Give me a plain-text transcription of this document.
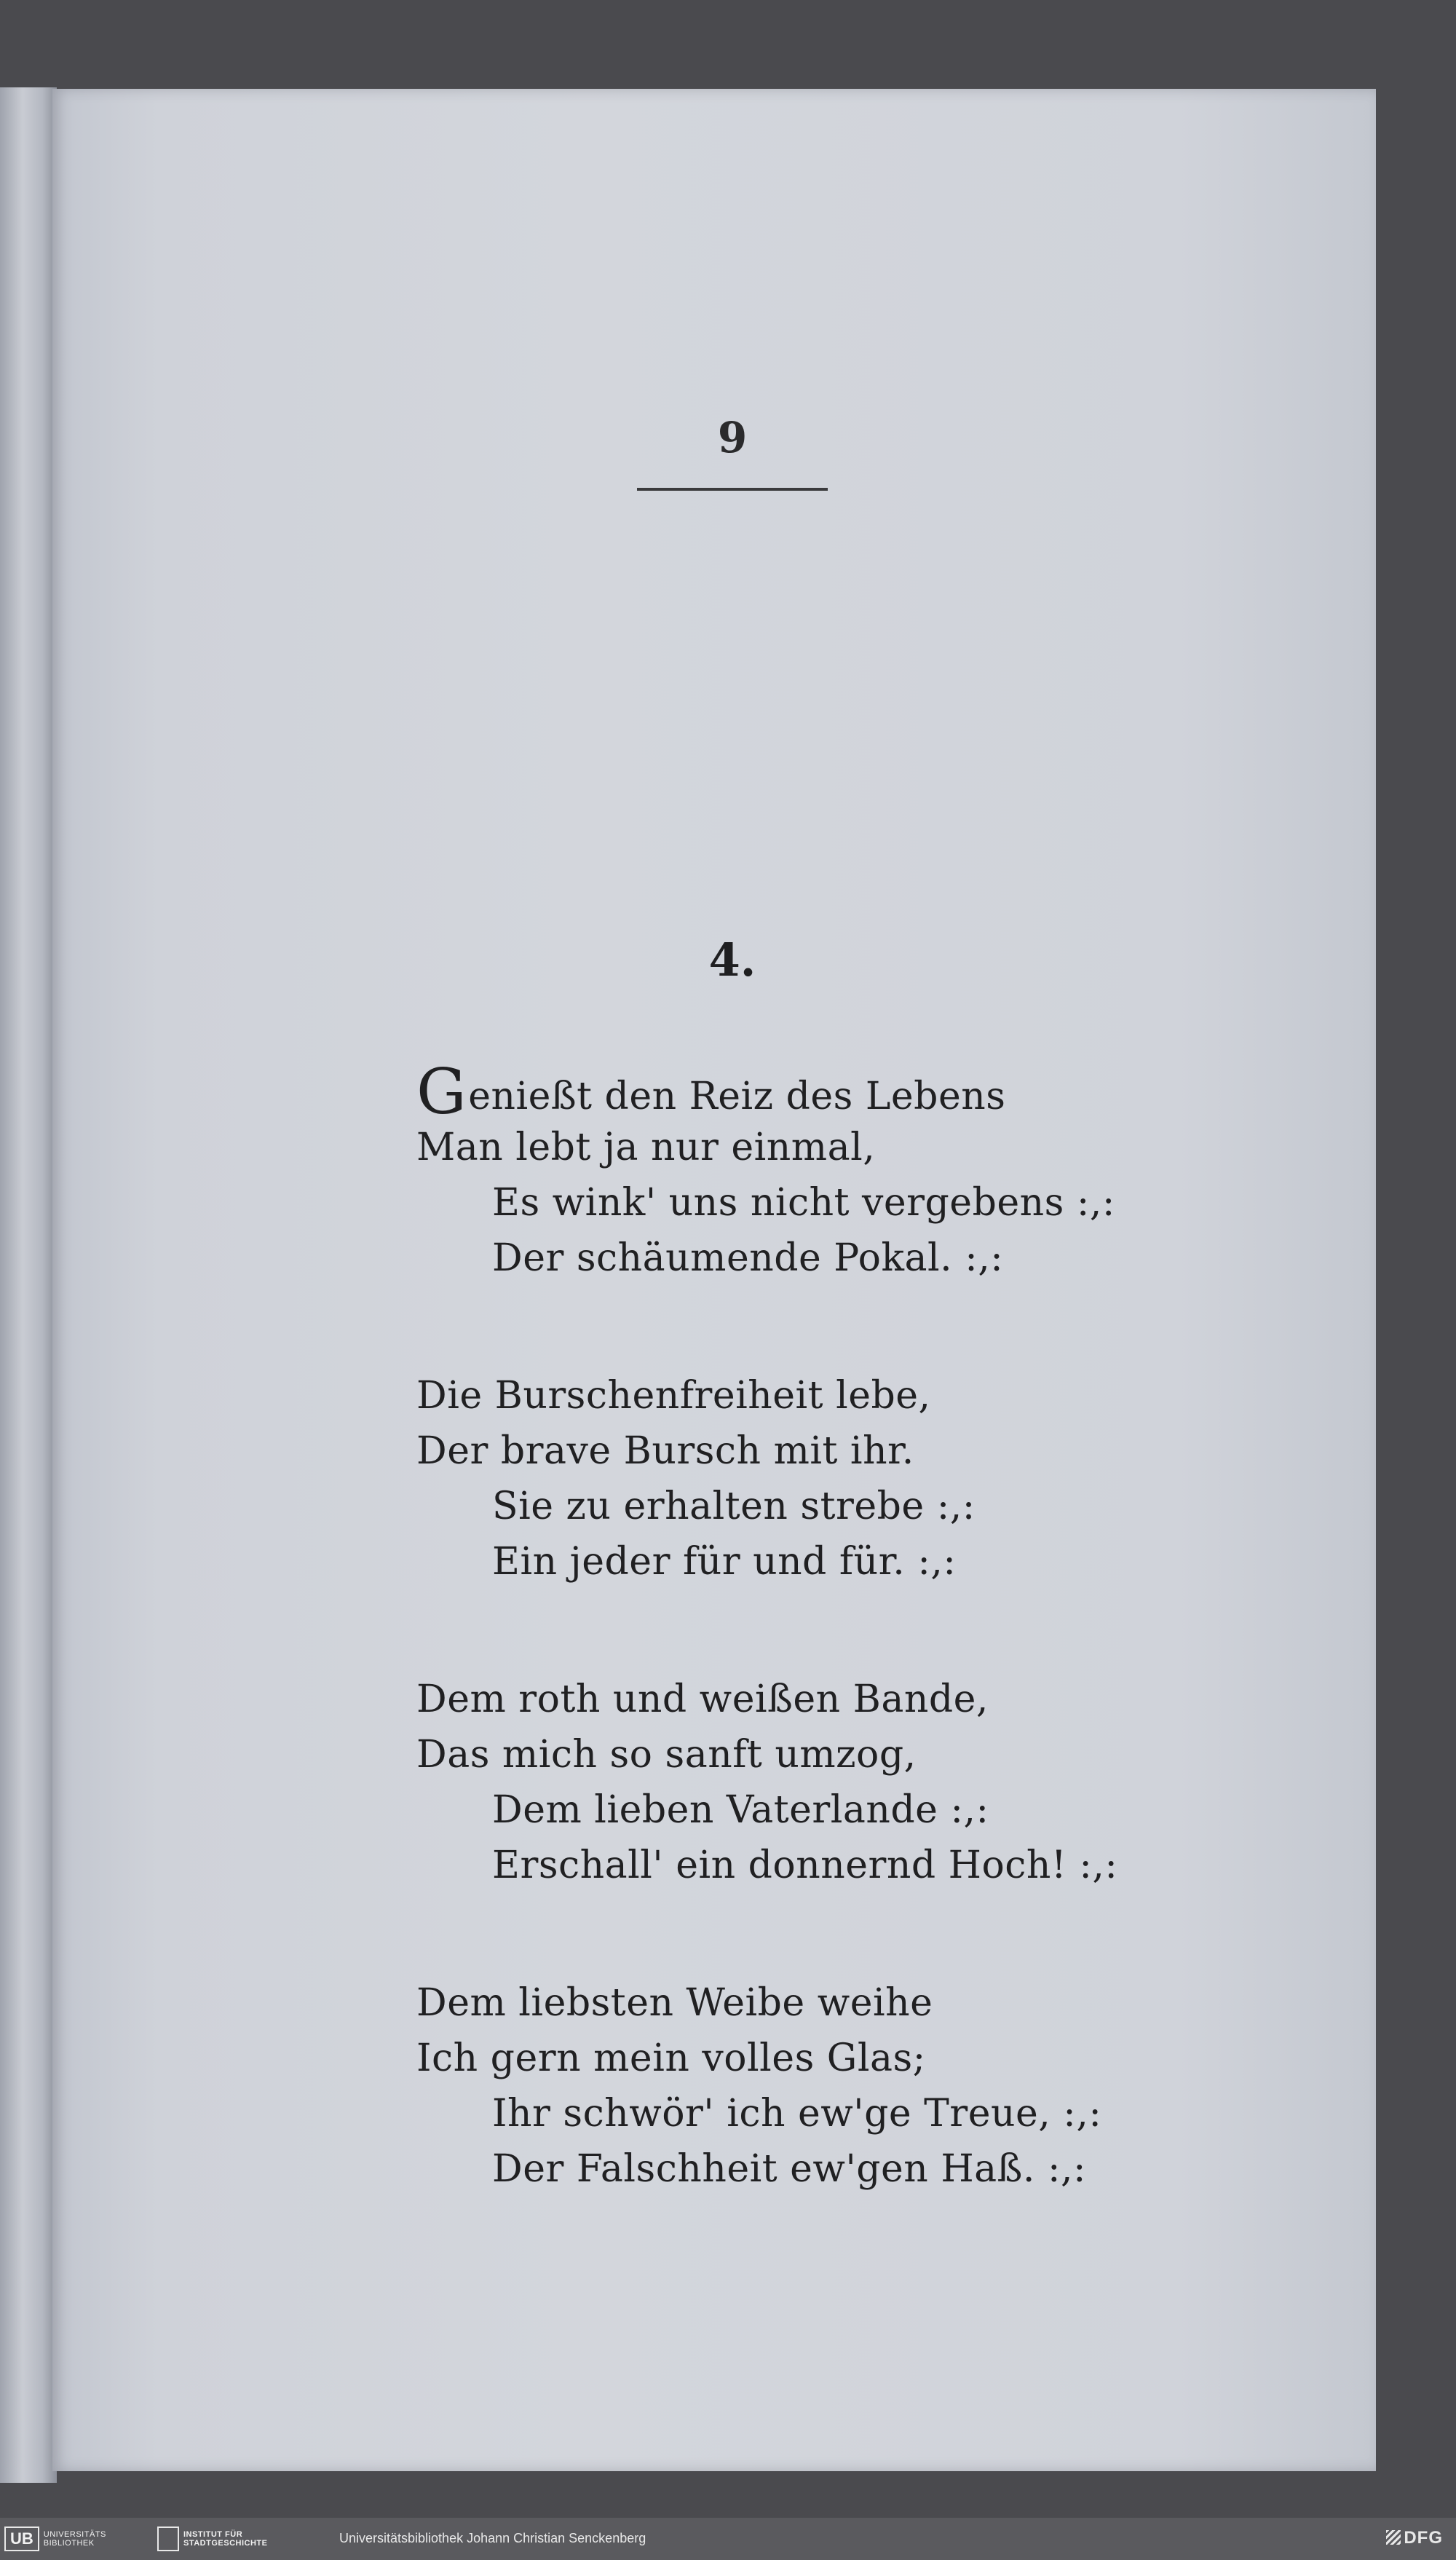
9
4.
Genießt den Reiz des Lebens
Man lebt ja nur einmal,
Es wink' uns nicht vergebens :,:
Der schäumende Pokal. :,:
Die Burschenfreiheit lebe,
Der brave Bursch mit ihr.
Sie zu erhalten strebe :,:
Ein jeder für und für. :,:
Dem roth und weißen Bande,
Das mich so sanft umzog,
Dem lieben Vaterlande :,:
Erschall' ein donnernd Hoch! :,:
Dem liebsten Weibe weihe
Ich gern mein volles Glas;
Ihr schwör' ich ew'ge Treue, :,:
Der Falschheit ew'gen Haß. :,:
UB	UNIVERSITÄTS
BIBLIOTHEK
INSTITUT FÜR
STADTGESCHICHTE	Universitätsbibliothek Johann Christian Senckenberg	DFG
